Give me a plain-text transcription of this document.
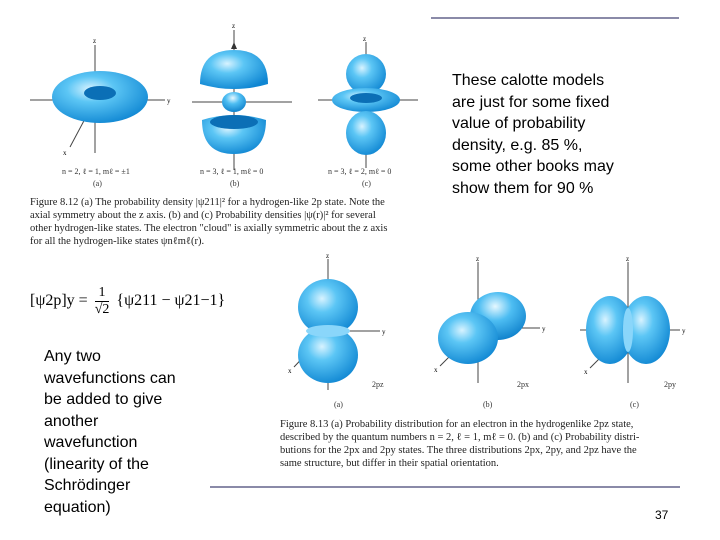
z
y
x
z
z
n = 2, ℓ = 1, mℓ = ±1	n = 3, ℓ = 1, mℓ = 0	n = 3, ℓ = 2, mℓ = 0
(a)	(b)	(c)
Figure 8.12 (a) The probability density |ψ211|² for a hydrogen-like 2p state. Note the
axial symmetry about the z axis. (b) and (c) Probability densities |ψ(r)|² for several
other hydrogen-like states. The electron "cloud" is axially symmetric about the z axis
for all the hydrogen-like states ψnℓmℓ(r).
These calotte models
are just for some fixed
value of probability
density, e.g. 85 %,
some other books may
show them for 90 %
$[\psi 2p]y = \frac{1}{√2} \{\psi 211 - \psi 21-1\}$
Any two
wavefunctions can
be added to give
another
wavefunction
(linearity of the
Schrödinger
equation)
z
y
x
z
y
x
z
y
x
2pz	2px	2py
(a)	(b)	(c)
Figure 8.13 (a) Probability distribution for an electron in the hydrogenlike 2pz state,
described by the quantum numbers n = 2, ℓ = 1, mℓ = 0. (b) and (c) Probability distri-
butions for the 2px and 2py states. The three distributions 2px, 2py, and 2pz have the
same structure, but differ in their spatial orientation.
37
